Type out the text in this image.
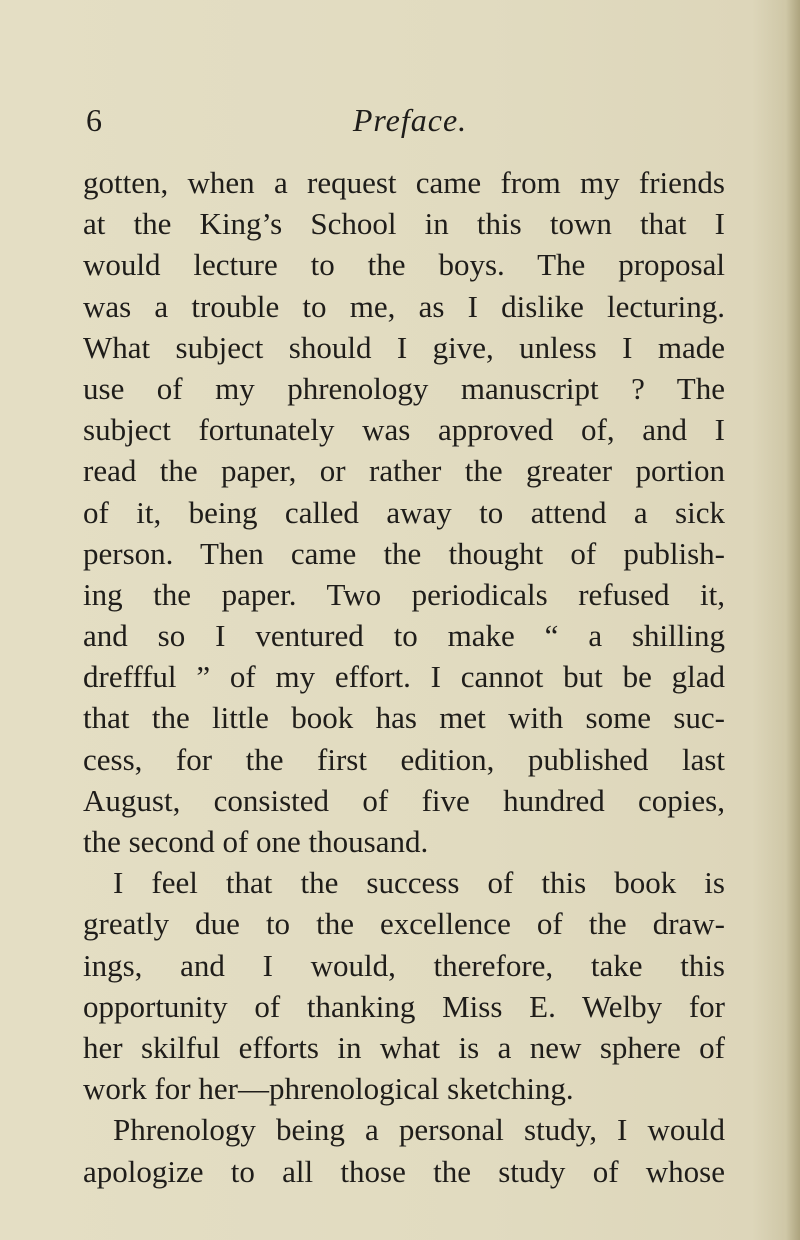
6	Preface.
gotten, when a request came from my friends
at the King’s School in this town that I
would lecture to the boys. The proposal
was a trouble to me, as I dislike lecturing.
What subject should I give, unless I made
use of my phrenology manuscript ? The
subject fortunately was approved of, and I
read the paper, or rather the greater portion
of it, being called away to attend a sick
person. Then came the thought of publish-
ing the paper. Two periodicals refused it,
and so I ventured to make “ a shilling
dreffful ” of my effort. I cannot but be glad
that the little book has met with some suc-
cess, for the first edition, published last
August, consisted of five hundred copies,
the second of one thousand.
I feel that the success of this book is
greatly due to the excellence of the draw-
ings, and I would, therefore, take this
opportunity of thanking Miss E. Welby for
her skilful efforts in what is a new sphere of
work for her—phrenological sketching.
Phrenology being a personal study, I would
apologize to all those the study of whose
